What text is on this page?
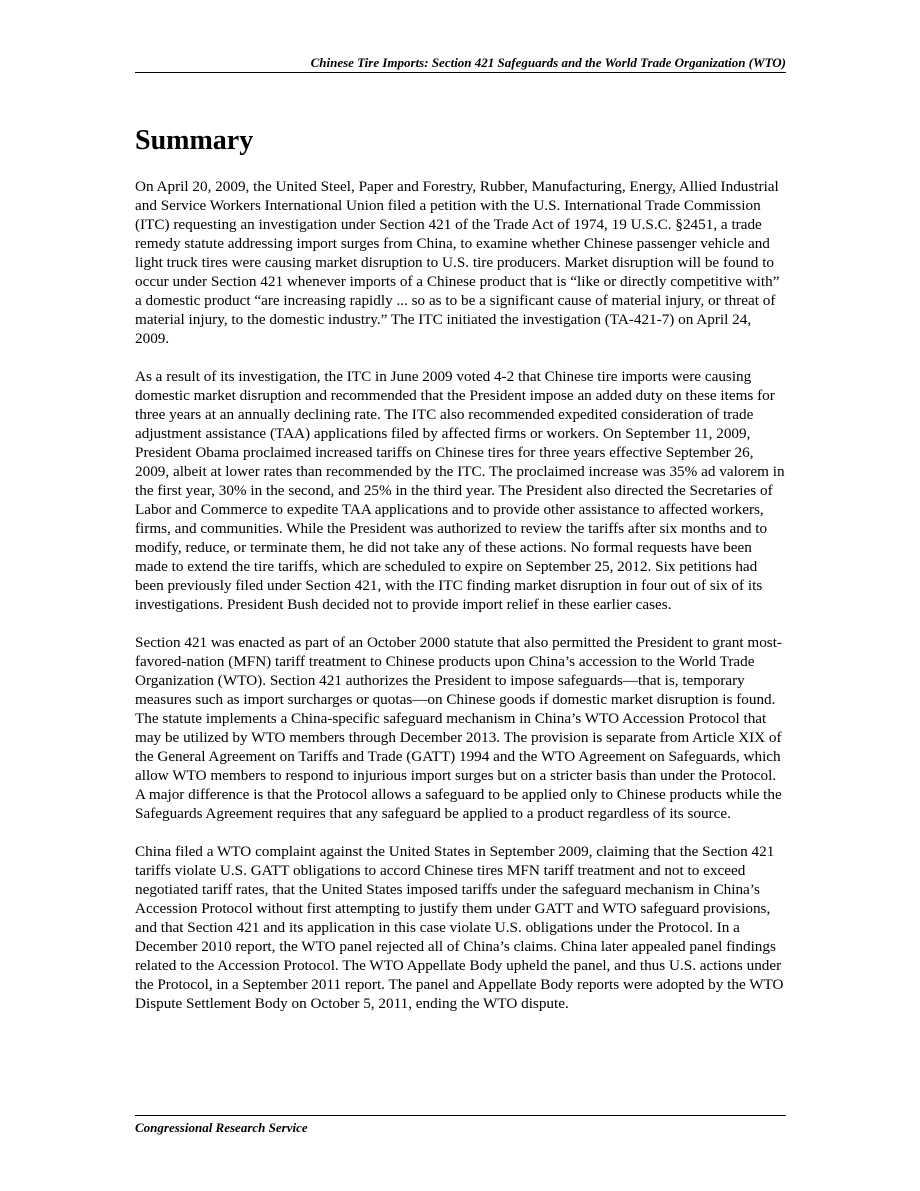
Chinese Tire Imports: Section 421 Safeguards and the World Trade Organization (WTO)
Summary

On April 20, 2009, the United Steel, Paper and Forestry, Rubber, Manufacturing, Energy, Allied Industrial and Service Workers International Union filed a petition with the U.S. International Trade Commission (ITC) requesting an investigation under Section 421 of the Trade Act of 1974, 19 U.S.C. §2451, a trade remedy statute addressing import surges from China, to examine whether Chinese passenger vehicle and light truck tires were causing market disruption to U.S. tire producers. Market disruption will be found to occur under Section 421 whenever imports of a Chinese product that is “like or directly competitive with” a domestic product “are increasing rapidly ... so as to be a significant cause of material injury, or threat of material injury, to the domestic industry.” The ITC initiated the investigation (TA-421-7) on April 24, 2009.

As a result of its investigation, the ITC in June 2009 voted 4-2 that Chinese tire imports were causing domestic market disruption and recommended that the President impose an added duty on these items for three years at an annually declining rate. The ITC also recommended expedited consideration of trade adjustment assistance (TAA) applications filed by affected firms or workers. On September 11, 2009, President Obama proclaimed increased tariffs on Chinese tires for three years effective September 26, 2009, albeit at lower rates than recommended by the ITC. The proclaimed increase was 35% ad valorem in the first year, 30% in the second, and 25% in the third year. The President also directed the Secretaries of Labor and Commerce to expedite TAA applications and to provide other assistance to affected workers, firms, and communities. While the President was authorized to review the tariffs after six months and to modify, reduce, or terminate them, he did not take any of these actions. No formal requests have been made to extend the tire tariffs, which are scheduled to expire on September 25, 2012. Six petitions had been previously filed under Section 421, with the ITC finding market disruption in four out of six of its investigations. President Bush decided not to provide import relief in these earlier cases.

Section 421 was enacted as part of an October 2000 statute that also permitted the President to grant most-favored-nation (MFN) tariff treatment to Chinese products upon China’s accession to the World Trade Organization (WTO). Section 421 authorizes the President to impose safeguards—that is, temporary measures such as import surcharges or quotas—on Chinese goods if domestic market disruption is found. The statute implements a China-specific safeguard mechanism in China’s WTO Accession Protocol that may be utilized by WTO members through December 2013. The provision is separate from Article XIX of the General Agreement on Tariffs and Trade (GATT) 1994 and the WTO Agreement on Safeguards, which allow WTO members to respond to injurious import surges but on a stricter basis than under the Protocol. A major difference is that the Protocol allows a safeguard to be applied only to Chinese products while the Safeguards Agreement requires that any safeguard be applied to a product regardless of its source.

China filed a WTO complaint against the United States in September 2009, claiming that the Section 421 tariffs violate U.S. GATT obligations to accord Chinese tires MFN tariff treatment and not to exceed negotiated tariff rates, that the United States imposed tariffs under the safeguard mechanism in China’s Accession Protocol without first attempting to justify them under GATT and WTO safeguard provisions, and that Section 421 and its application in this case violate U.S. obligations under the Protocol. In a December 2010 report, the WTO panel rejected all of China’s claims. China later appealed panel findings related to the Accession Protocol. The WTO Appellate Body upheld the panel, and thus U.S. actions under the Protocol, in a September 2011 report. The panel and Appellate Body reports were adopted by the WTO Dispute Settlement Body on October 5, 2011, ending the WTO dispute.

Congressional Research Service
